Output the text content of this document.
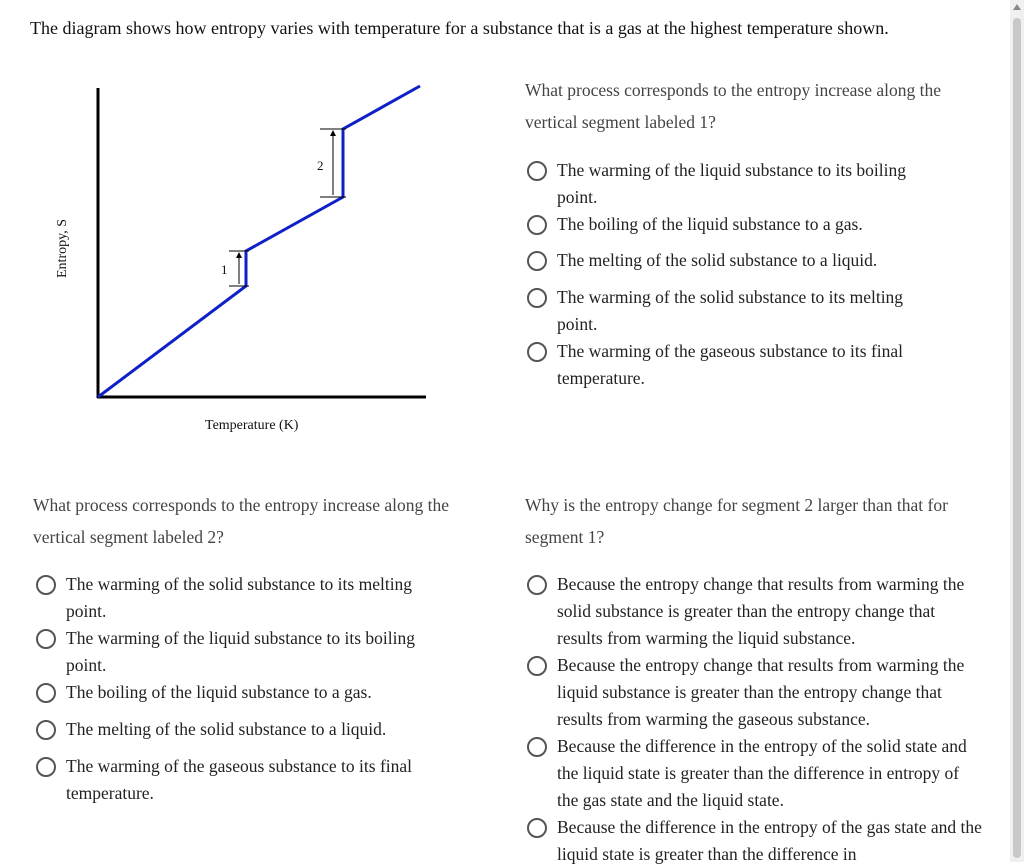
The diagram shows how entropy varies with temperature for a substance that is a gas at the highest temperature shown.
1
2
Temperature (K)
Entropy, S
What process corresponds to the entropy increase along the vertical segment labeled 1?
The warming of the liquid substance to its boiling point.
The boiling of the liquid substance to a gas.
The melting of the solid substance to a liquid.
The warming of the solid substance to its melting point.
The warming of the gaseous substance to its final temperature.
What process corresponds to the entropy increase along the vertical segment labeled 2?
The warming of the solid substance to its melting point.
The warming of the liquid substance to its boiling point.
The boiling of the liquid substance to a gas.
The melting of the solid substance to a liquid.
The warming of the gaseous substance to its final temperature.
Why is the entropy change for segment 2 larger than that for segment 1?
Because the entropy change that results from warming the solid substance is greater than the entropy change that results from warming the liquid substance.
Because the entropy change that results from warming the liquid substance is greater than the entropy change that results from warming the gaseous substance.
Because the difference in the entropy of the solid state and the liquid state is greater than the difference in entropy of the gas state and the liquid state.
Because the difference in the entropy of the gas state and the liquid state is greater than the difference in
